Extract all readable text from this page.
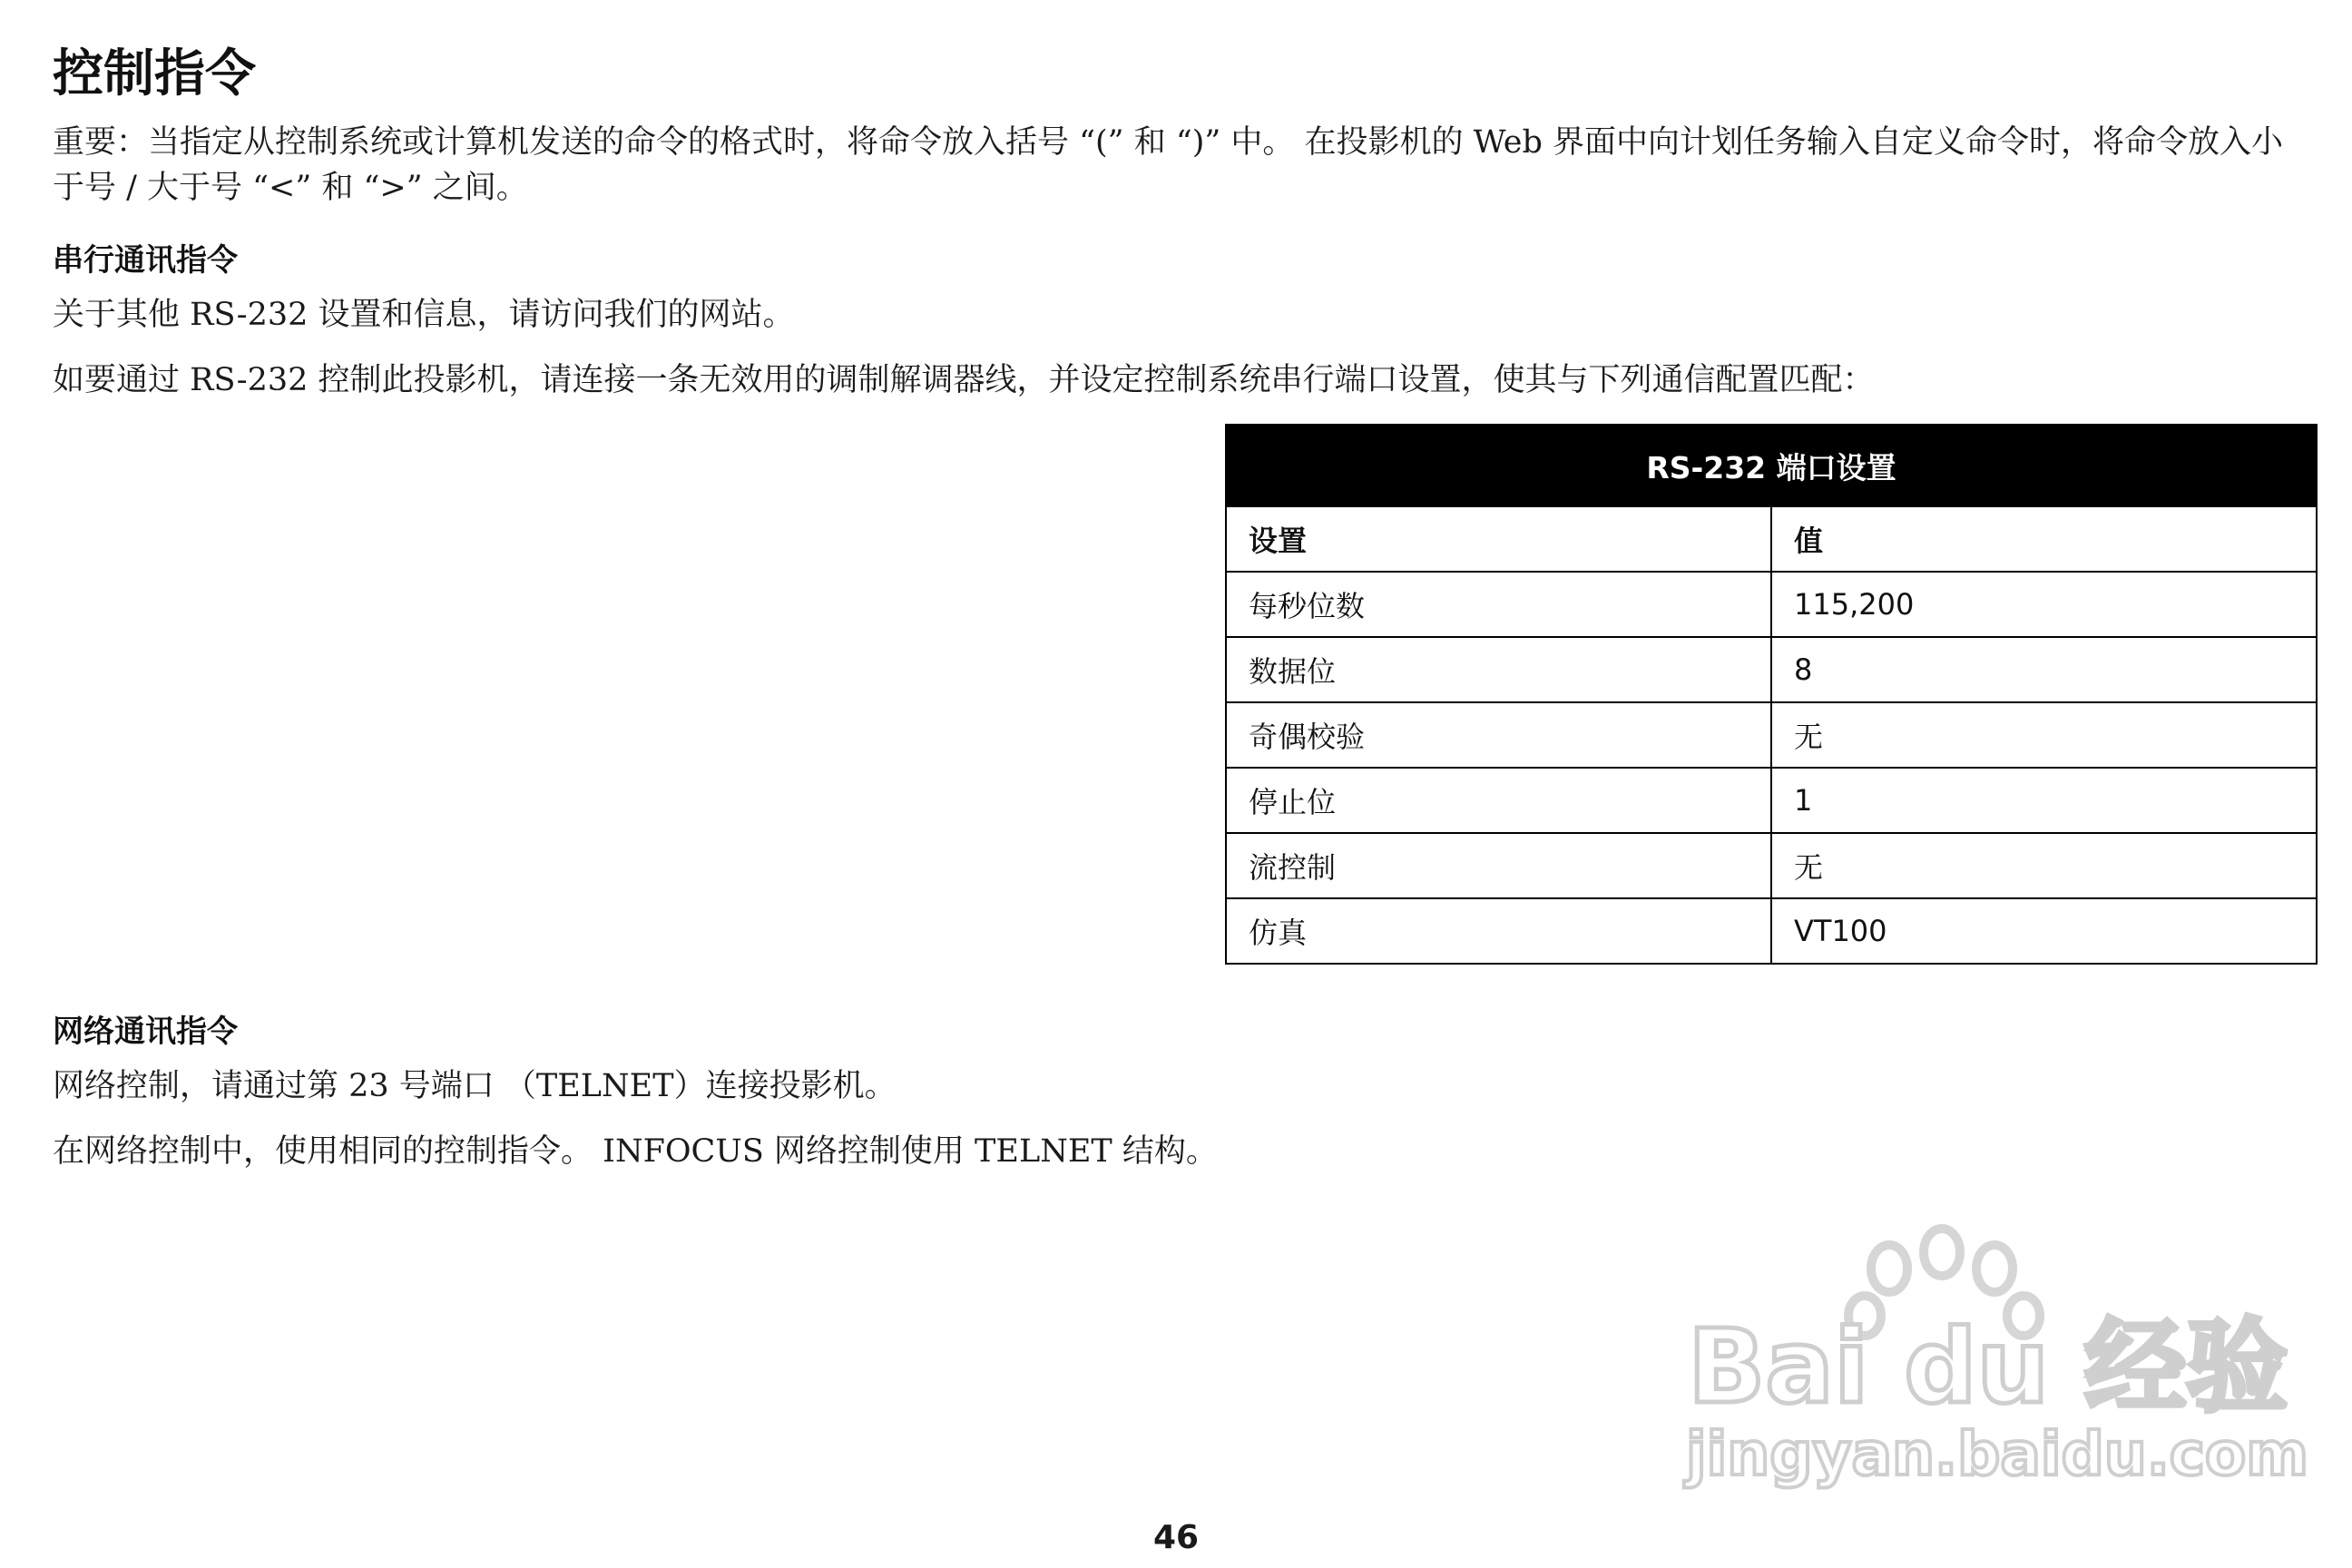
控制指令

重要：当指定从控制系统或计算机发送的命令的格式时，将命令放入括号 “(” 和 “)” 中。 在投影机的 Web 界面中向计划任务输入自定义命令时，将命令放入小于号 / 大于号 “<” 和 “>” 之间。

串行通讯指令

关于其他 RS-232 设置和信息，请访问我们的网站。

如要通过 RS-232 控制此投影机，请连接一条无效用的调制解调器线，并设定控制系统串行端口设置，使其与下列通信配置匹配：

RS-232 端口设置	
设置	值
每秒位数	115,200
数据位	8
奇偶校验	无
停止位	1
流控制	无
仿真	VT100
网络通讯指令

网络控制，请通过第 23 号端口 （TELNET）连接投影机。

在网络控制中，使用相同的控制指令。 INFOCUS 网络控制使用 TELNET 结构。

Bai du 经验
jingyan.baidu.com

46
